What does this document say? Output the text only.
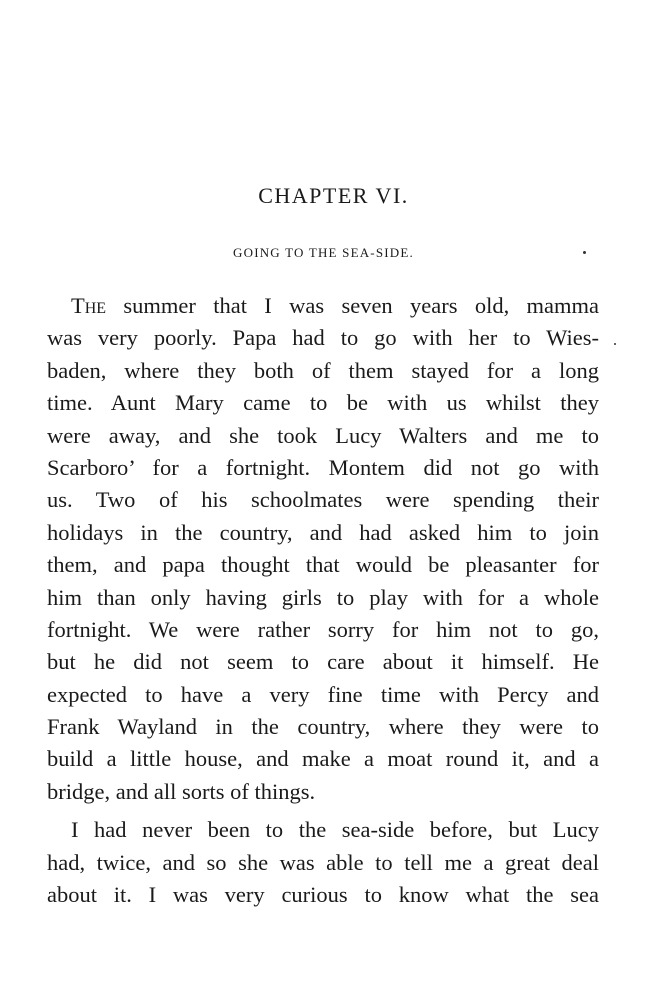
CHAPTER VI.
GOING TO THE SEA-SIDE.
The summer that I was seven years old, mamma
was very poorly. Papa had to go with her to Wies-
baden, where they both of them stayed for a long
time. Aunt Mary came to be with us whilst they
were away, and she took Lucy Walters and me to
Scarboro’ for a fortnight. Montem did not go with
us. Two of his schoolmates were spending their
holidays in the country, and had asked him to join
them, and papa thought that would be pleasanter for
him than only having girls to play with for a whole
fortnight. We were rather sorry for him not to go,
but he did not seem to care about it himself. He
expected to have a very fine time with Percy and
Frank Wayland in the country, where they were to
build a little house, and make a moat round it, and a
bridge, and all sorts of things.
I had never been to the sea-side before, but Lucy
had, twice, and so she was able to tell me a great deal
about it. I was very curious to know what the sea
